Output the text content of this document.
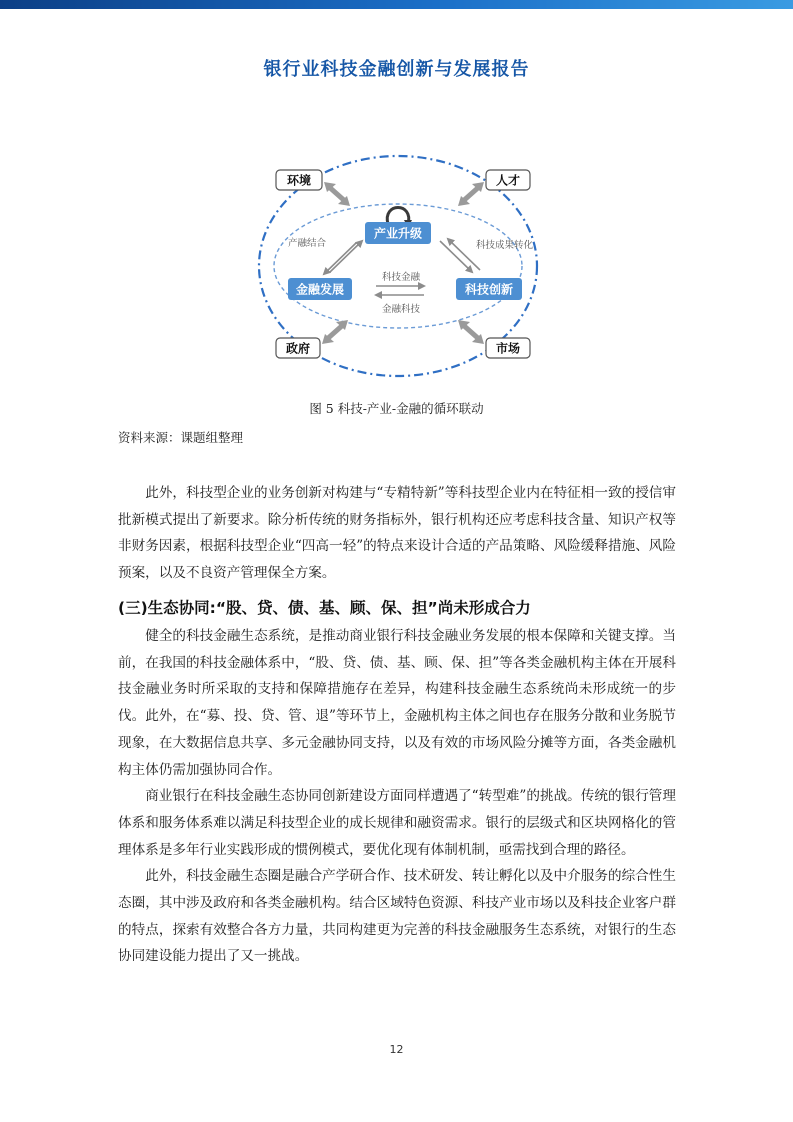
银行业科技金融创新与发展报告
环境	人才
政府	市场
产业升级
金融发展	科技创新
产融结合	科技成果转化
科技金融
金融科技
图 5 科技-产业-金融的循环联动
资料来源：课题组整理

此外，科技型企业的业务创新对构建与“专精特新”等科技型企业内在特征相一致的授信审批新模式提出了新要求。除分析传统的财务指标外，银行机构还应考虑科技含量、知识产权等非财务因素，根据科技型企业“四高一轻”的特点来设计合适的产品策略、风险缓释措施、风险预案，以及不良资产管理保全方案。

(三)生态协同:“股、贷、债、基、顾、保、担”尚未形成合力

健全的科技金融生态系统，是推动商业银行科技金融业务发展的根本保障和关键支撑。当前，在我国的科技金融体系中，“股、贷、债、基、顾、保、担”等各类金融机构主体在开展科技金融业务时所采取的支持和保障措施存在差异，构建科技金融生态系统尚未形成统一的步伐。此外，在“募、投、贷、管、退”等环节上，金融机构主体之间也存在服务分散和业务脱节现象，在大数据信息共享、多元金融协同支持，以及有效的市场风险分摊等方面，各类金融机构主体仍需加强协同合作。

商业银行在科技金融生态协同创新建设方面同样遭遇了“转型难”的挑战。传统的银行管理体系和服务体系难以满足科技型企业的成长规律和融资需求。银行的层级式和区块网格化的管理体系是多年行业实践形成的惯例模式，要优化现有体制机制，亟需找到合理的路径。

此外，科技金融生态圈是融合产学研合作、技术研发、转让孵化以及中介服务的综合性生态圈，其中涉及政府和各类金融机构。结合区域特色资源、科技产业市场以及科技企业客户群的特点，探索有效整合各方力量，共同构建更为完善的科技金融服务生态系统，对银行的生态协同建设能力提出了又一挑战。

12
